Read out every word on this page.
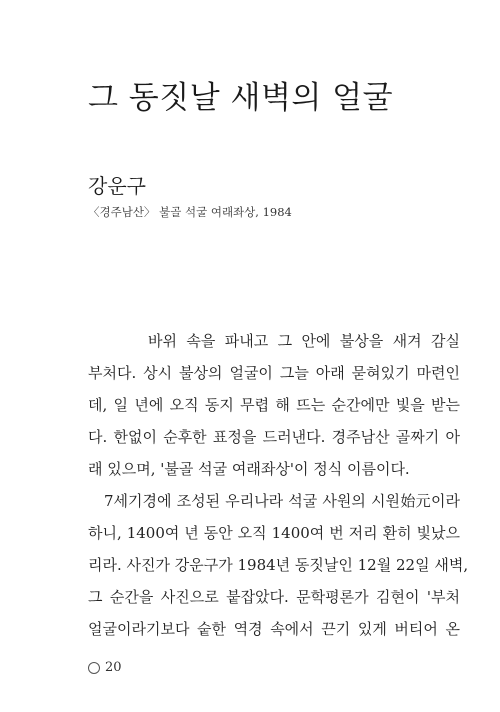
그 동짓날 새벽의 얼굴
강운구
〈경주남산〉 불골 석굴 여래좌상, 1984
바위 속을 파내고 그 안에 불상을 새겨 감실
부처다. 상시 불상의 얼굴이 그늘 아래 묻혀있기 마련인
데, 일 년에 오직 동지 무렵 해 뜨는 순간에만 빛을 받는
다. 한없이 순후한 표정을 드러낸다. 경주남산 골짜기 아
래 있으며, '불골 석굴 여래좌상'이 정식 이름이다.
7세기경에 조성된 우리나라 석굴 사원의 시원始元이라
하니, 1400여 년 동안 오직 1400여 번 저리 환히 빛났으
리라. 사진가 강운구가 1984년 동짓날인 12월 22일 새벽,
그 순간을 사진으로 붙잡았다. 문학평론가 김현이 '부처
얼굴이라기보다 숱한 역경 속에서 끈기 있게 버티어 온
20
